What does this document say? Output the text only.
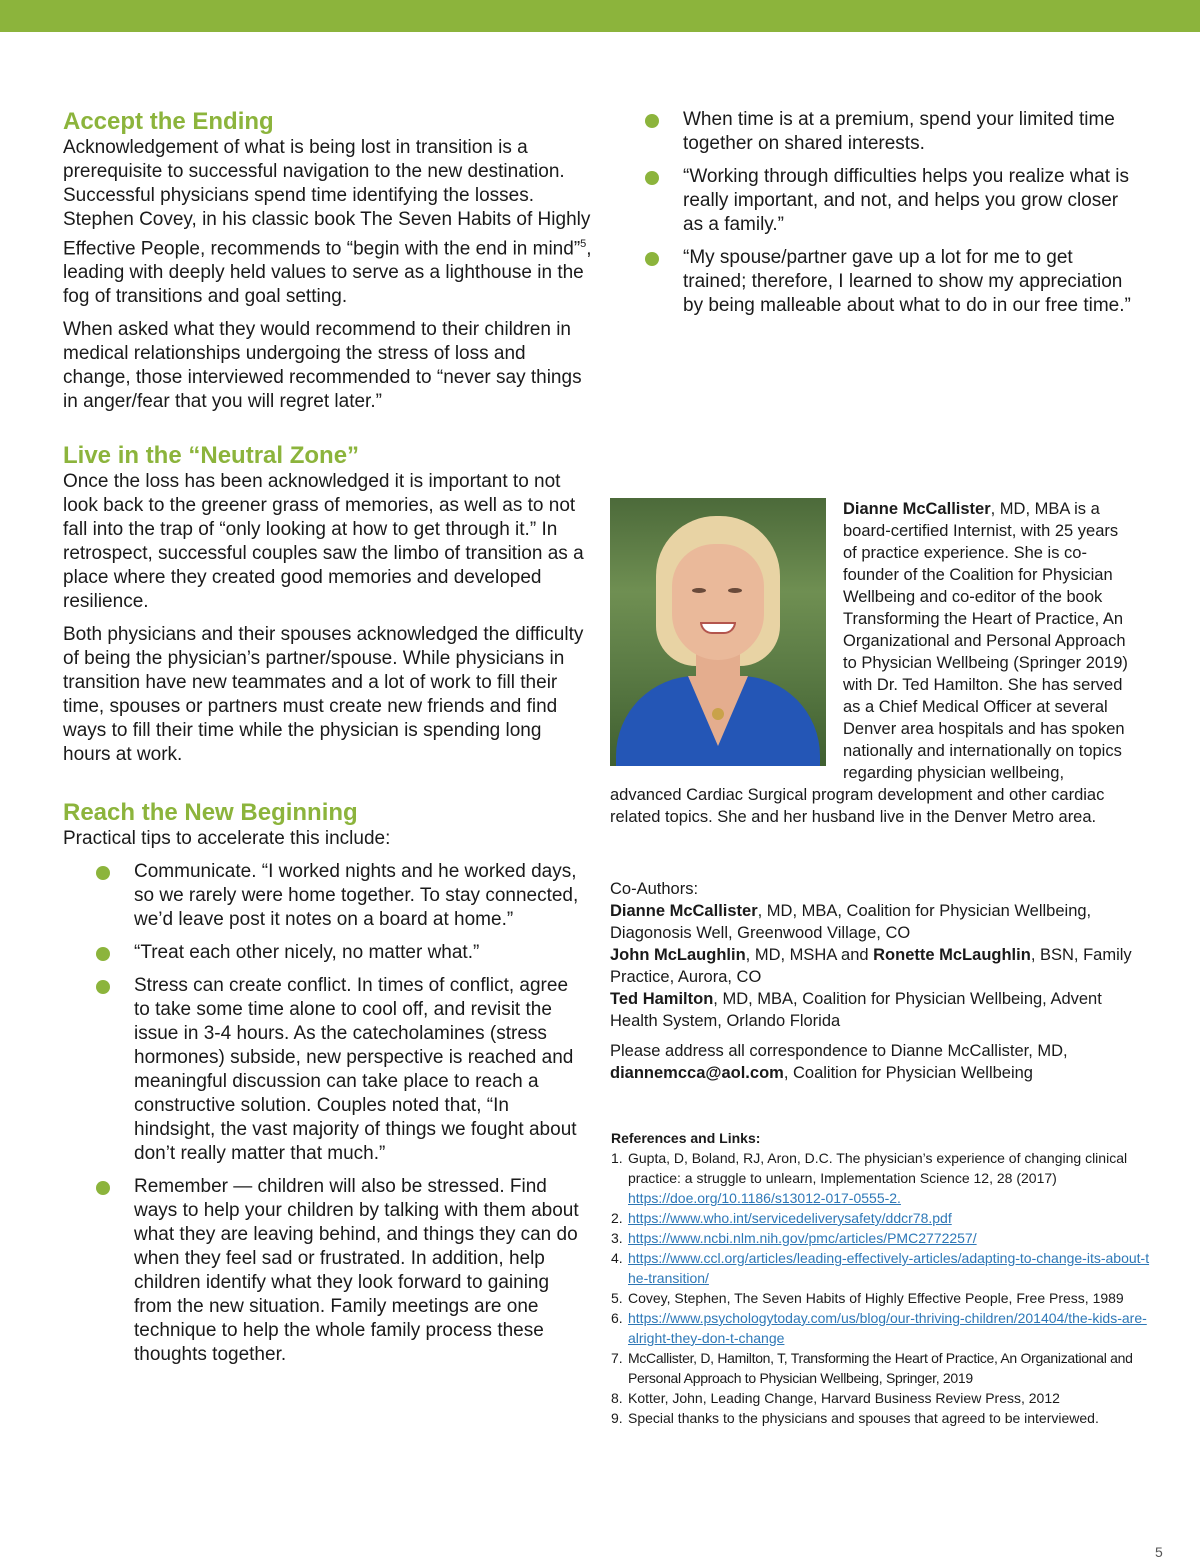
Accept the Ending

Acknowledgement of what is being lost in transition is a prerequisite to successful navigation to the new destination. Successful physicians spend time identifying the losses. Stephen Covey, in his classic book The Seven Habits of Highly Effective People, recommends to “begin with the end in mind”$^5$, leading with deeply held values to serve as a lighthouse in the fog of transitions and goal setting.

When asked what they would recommend to their children in medical relationships undergoing the stress of loss and change, those interviewed recommended to “never say things in anger/fear that you will regret later.”

Live in the “Neutral Zone”

Once the loss has been acknowledged it is important to not look back to the greener grass of memories, as well as to not fall into the trap of “only looking at how to get through it.” In retrospect, successful couples saw the limbo of transition as a place where they created good memories and developed resilience.

Both physicians and their spouses acknowledged the difficulty of being the physician’s partner/spouse. While physicians in transition have new teammates and a lot of work to fill their time, spouses or partners must create new friends and find ways to fill their time while the physician is spending long hours at work.

Reach the New Beginning

Practical tips to accelerate this include:

Communicate. “I worked nights and he worked days, so we rarely were home together. To stay connected, we’d leave post it notes on a board at home.”
“Treat each other nicely, no matter what.”
Stress can create conflict. In times of conflict, agree to take some time alone to cool off, and revisit the issue in 3-4 hours. As the catecholamines (stress hormones) subside, new perspective is reached and meaningful discussion can take place to reach a constructive solution. Couples noted that, “In hindsight, the vast majority of things we fought about don’t really matter that much.”
Remember — children will also be stressed. Find ways to help your children by talking with them about what they are leaving behind, and things they can do when they feel sad or frustrated. In addition, help children identify what they look forward to gaining from the new situation. Family meetings are one technique to help the whole family process these thoughts together.
When time is at a premium, spend your limited time together on shared interests.
“Working through difficulties helps you realize what is really important, and not, and helps you grow closer as a family.”
“My spouse/partner gave up a lot for me to get trained; therefore, I learned to show my appreciation by being malleable about what to do in our free time.”

Dianne McCallister, MD, MBA is a board-certified Internist, with 25 years of practice experience. She is co-founder of the Coalition for Physician Wellbeing and co-editor of the book Transforming the Heart of Practice, An Organizational and Personal Approach to Physician Wellbeing (Springer 2019) with Dr. Ted Hamilton. She has served as a Chief Medical Officer at several Denver area hospitals and has spoken nationally and internationally on topics regarding physician wellbeing, advanced Cardiac Surgical program development and other cardiac related topics. She and her husband live in the Denver Metro area.

Co-Authors:
Dianne McCallister, MD, MBA, Coalition for Physician Wellbeing, Diagonosis Well, Greenwood Village, CO
John McLaughlin, MD, MSHA and Ronette McLaughlin, BSN, Family Practice, Aurora, CO
Ted Hamilton, MD, MBA, Coalition for Physician Wellbeing, Advent Health System, Orlando Florida
Please address all correspondence to Dianne McCallister, MD, diannemcca@aol.com, Coalition for Physician Wellbeing
References and Links:
1. Gupta, D, Boland, RJ, Aron, D.C. The physician’s experience of changing clinical practice: a struggle to unlearn, Implementation Science 12, 28 (2017) https://doe.org/10.1186/s13012-017-0555-2.
2. https://www.who.int/servicedeliverysafety/ddcr78.pdf
3. https://www.ncbi.nlm.nih.gov/pmc/articles/PMC2772257/
4. https://www.ccl.org/articles/leading-effectively-articles/adapting-to-change-its-about-the-transition/
5. Covey, Stephen, The Seven Habits of Highly Effective People, Free Press, 1989
6. https://www.psychologytoday.com/us/blog/our-thriving-children/201404/the-kids-are-alright-they-don-t-change
7. McCallister, D, Hamilton, T, Transforming the Heart of Practice, An Organizational and Personal Approach to Physician Wellbeing, Springer, 2019
8. Kotter, John, Leading Change, Harvard Business Review Press, 2012
9. Special thanks to the physicians and spouses that agreed to be interviewed.
5
